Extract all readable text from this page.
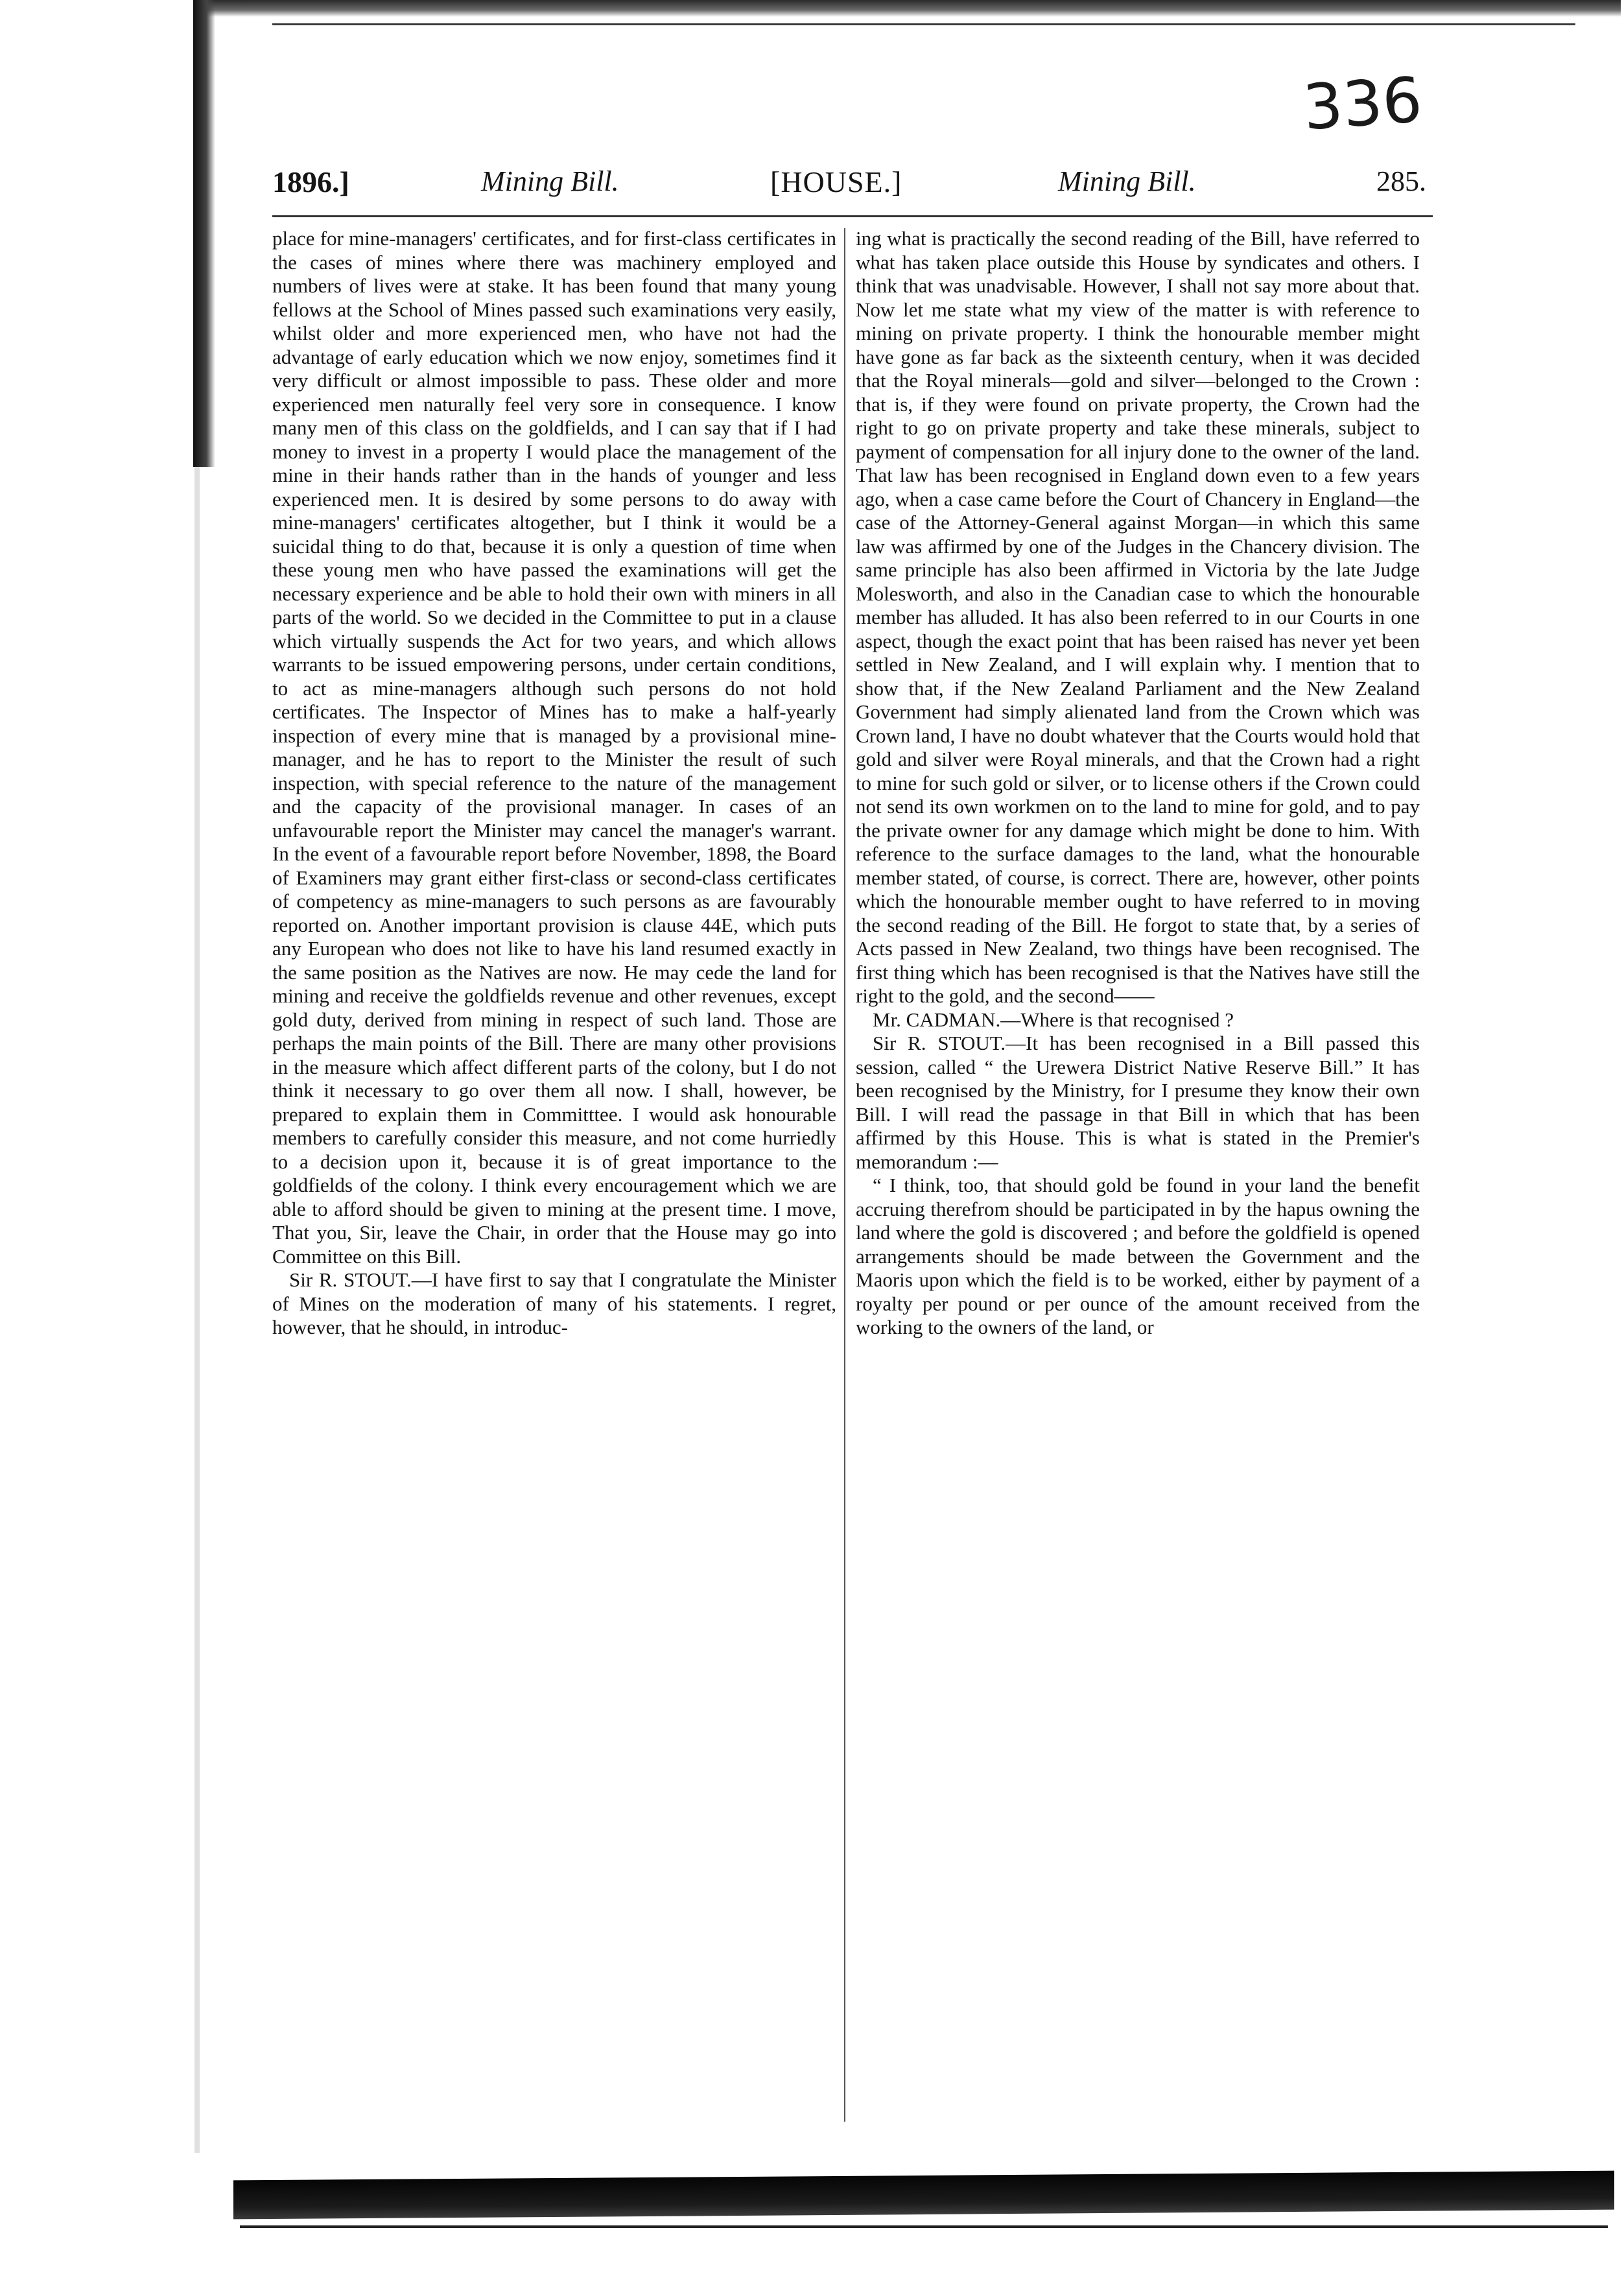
336
1896.]	Mining Bill.	[HOUSE.]	Mining Bill.	285.

place for mine-managers' certificates, and for first-class certificates in the cases of mines where there was machinery employed and numbers of lives were at stake. It has been found that many young fellows at the School of Mines passed such examinations very easily, whilst older and more experienced men, who have not had the advantage of early education which we now enjoy, sometimes find it very difficult or almost impossible to pass. These older and more experienced men naturally feel very sore in consequence. I know many men of this class on the goldfields, and I can say that if I had money to invest in a property I would place the management of the mine in their hands rather than in the hands of younger and less experienced men. It is desired by some persons to do away with mine-managers' certificates altogether, but I think it would be a suicidal thing to do that, because it is only a question of time when these young men who have passed the examinations will get the necessary experience and be able to hold their own with miners in all parts of the world. So we decided in the Committee to put in a clause which virtually suspends the Act for two years, and which allows warrants to be issued empowering persons, under certain conditions, to act as mine-managers although such persons do not hold certificates. The Inspector of Mines has to make a half-yearly inspection of every mine that is managed by a provisional mine-manager, and he has to report to the Minister the result of such inspection, with special reference to the nature of the management and the capacity of the provisional manager. In cases of an unfavourable report the Minister may cancel the manager's warrant. In the event of a favourable report before November, 1898, the Board of Examiners may grant either first-class or second-class certificates of competency as mine-managers to such persons as are favourably reported on. Another important provision is clause 44E, which puts any European who does not like to have his land resumed exactly in the same position as the Natives are now. He may cede the land for mining and receive the goldfields revenue and other revenues, except gold duty, derived from mining in respect of such land. Those are perhaps the main points of the Bill. There are many other provisions in the measure which affect different parts of the colony, but I do not think it necessary to go over them all now. I shall, however, be prepared to explain them in Committtee. I would ask honourable members to carefully consider this measure, and not come hurriedly to a decision upon it, because it is of great importance to the goldfields of the colony. I think every encouragement which we are able to afford should be given to mining at the present time. I move, That you, Sir, leave the Chair, in order that the House may go into Committee on this Bill.

Sir R. STOUT.—I have first to say that I congratulate the Minister of Mines on the moderation of many of his statements. I regret, however, that he should, in introduc-

ing what is practically the second reading of the Bill, have referred to what has taken place outside this House by syndicates and others. I think that was unadvisable. However, I shall not say more about that. Now let me state what my view of the matter is with reference to mining on private property. I think the honourable member might have gone as far back as the sixteenth century, when it was decided that the Royal minerals—gold and silver—belonged to the Crown : that is, if they were found on private property, the Crown had the right to go on private property and take these minerals, subject to payment of compensation for all injury done to the owner of the land. That law has been recognised in England down even to a few years ago, when a case came before the Court of Chancery in England—the case of the Attorney-General against Morgan—in which this same law was affirmed by one of the Judges in the Chancery division. The same principle has also been affirmed in Victoria by the late Judge Molesworth, and also in the Canadian case to which the honourable member has alluded. It has also been referred to in our Courts in one aspect, though the exact point that has been raised has never yet been settled in New Zealand, and I will explain why. I mention that to show that, if the New Zealand Parliament and the New Zealand Government had simply alienated land from the Crown which was Crown land, I have no doubt whatever that the Courts would hold that gold and silver were Royal minerals, and that the Crown had a right to mine for such gold or silver, or to license others if the Crown could not send its own workmen on to the land to mine for gold, and to pay the private owner for any damage which might be done to him. With reference to the surface damages to the land, what the honourable member stated, of course, is correct. There are, however, other points which the honourable member ought to have referred to in moving the second reading of the Bill. He forgot to state that, by a series of Acts passed in New Zealand, two things have been recognised. The first thing which has been recognised is that the Natives have still the right to the gold, and the second——

Mr. CADMAN.—Where is that recognised ?

Sir R. STOUT.—It has been recognised in a Bill passed this session, called “ the Urewera District Native Reserve Bill.” It has been recognised by the Ministry, for I presume they know their own Bill. I will read the passage in that Bill in which that has been affirmed by this House. This is what is stated in the Premier's memorandum :—

“ I think, too, that should gold be found in your land the benefit accruing therefrom should be participated in by the hapus owning the land where the gold is discovered ; and before the goldfield is opened arrangements should be made between the Government and the Maoris upon which the field is to be worked, either by payment of a royalty per pound or per ounce of the amount received from the working to the owners of the land, or
